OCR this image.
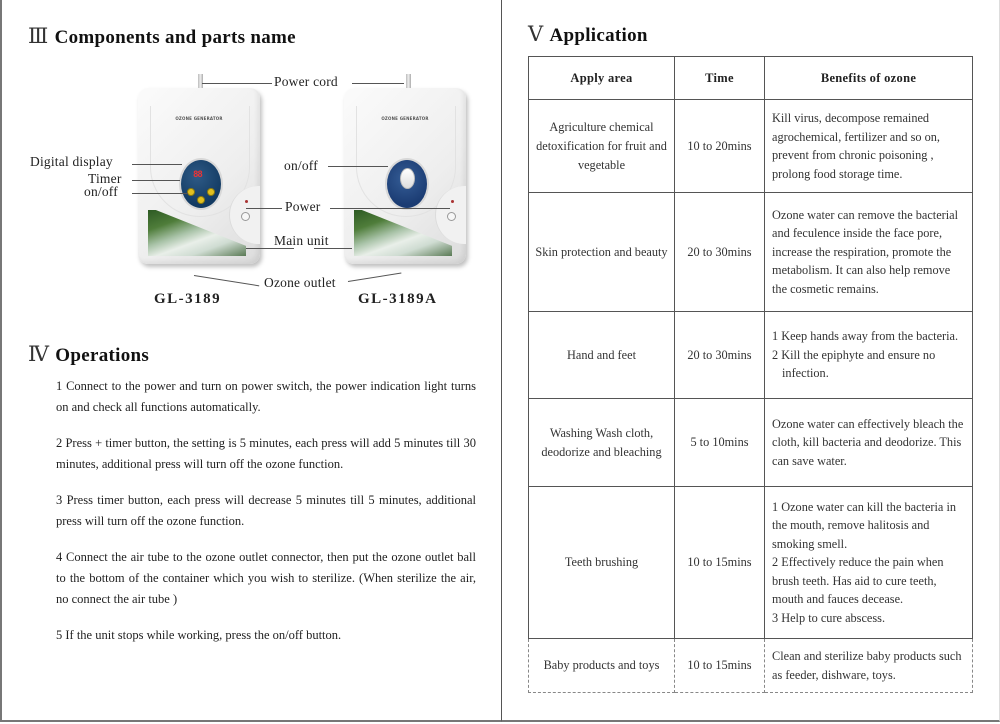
Ⅲ Components and parts name
OZONE GENERATOR
88
OZONE GENERATOR
Power cord
Digital display
Timer
on/off
on/off
Power
Main unit
Ozone outlet
GL-3189	GL-3189A
Ⅳ Operations

1 Connect to the power and turn on power switch, the power indication light turns on and check all functions automatically.

2 Press + timer button, the setting is 5 minutes, each press will add 5 minutes till 30 minutes, additional press will turn off the ozone function.

3 Press timer button, each press will decrease 5 minutes till 5 minutes, additional press will turn off the ozone function.

4 Connect the air tube to the ozone outlet connector, then put the ozone outlet ball to the bottom of the container which you wish to sterilize. (When sterilize the air, no connect the air tube )

5 If the unit stops while working, press the on/off button.

Ⅴ Application
Apply area	Time	Benefits of ozone
Agriculture chemical detoxification for fruit and vegetable	10 to 20mins	Kill virus, decompose remained agrochemical, fertilizer and so on, prevent from chronic poisoning , prolong food storage time.

Skin protection and beauty	20 to 30mins	Ozone water can remove the bacterial and feculence inside the face pore, increase the respiration, promote the metabolism. It can also help remove the cosmetic remains.

Hand and feet	20 to 30mins	1 Keep hands away from the bacteria.
2 Kill the epiphyte and ensure no infection.

Washing Wash cloth, deodorize and bleaching	5 to 10mins	Ozone water can effectively bleach the cloth, kill bacteria and deodorize. This can save water.

Teeth brushing	10 to 15mins	1 Ozone water can kill the bacteria in the mouth, remove halitosis and smoking smell.
2 Effectively reduce the pain when brush teeth. Has aid to cure teeth, mouth and fauces decease.
3 Help to cure abscess.

Baby products and toys	10 to 15mins	Clean and sterilize baby products such as feeder, dishware, toys.
